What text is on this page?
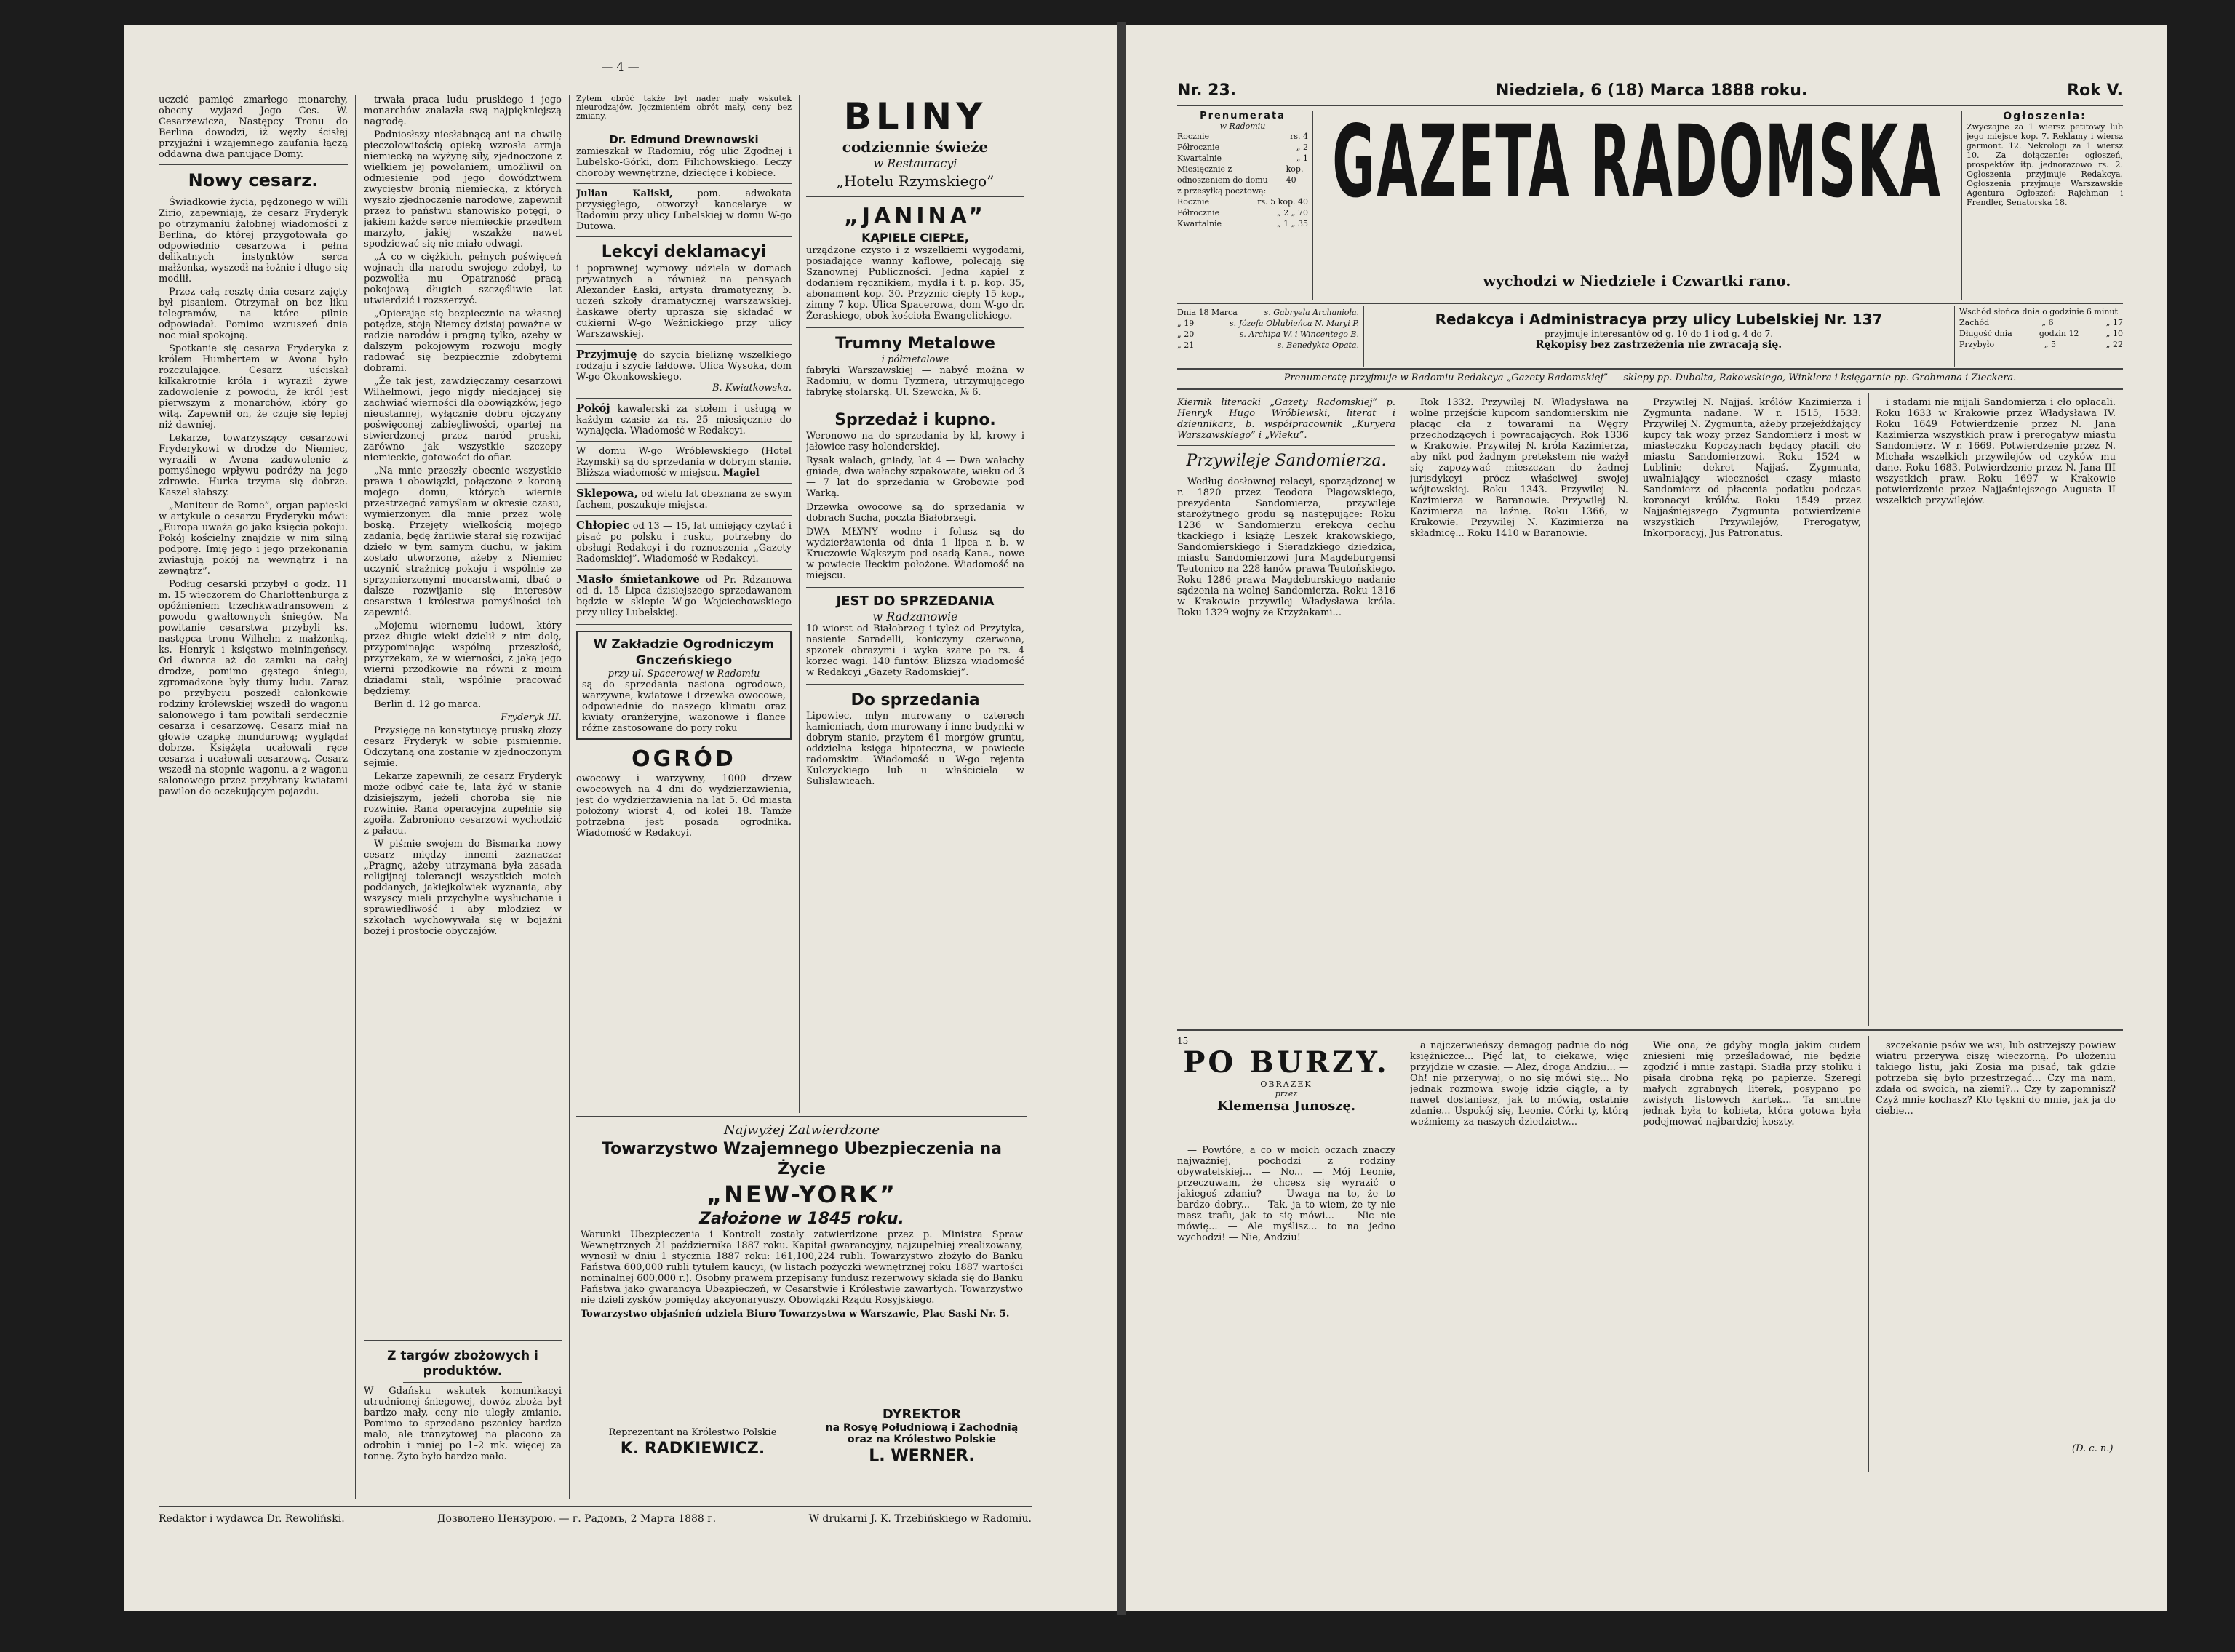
— 4 —

uczcić pamięć zmarłego monarchy, obecny wyjazd Jego Ces. W. Cesarzewicza, Następcy Tronu do Berlina dowodzi, iż węzły ścisłej przyjaźni i wzajemnego zaufania łączą oddawna dwa panujące Domy.

Nowy cesarz.

Świadkowie życia, pędzonego w willi Zirio, zapewniają, że cesarz Fryderyk po otrzymaniu żałobnej wiadomości z Berlina, do której przygotowała go odpowiednio cesarzowa i pełna delikatnych instynktów serca małżonka, wyszedł na łożnie i długo się modlił.

Przez całą resztę dnia cesarz zajęty był pisaniem. Otrzymał on bez liku telegramów, na które pilnie odpowiadał. Pomimo wzruszeń dnia noc miał spokojną.

Spotkanie się cesarza Fryderyka z królem Humbertem w Avona było rozczulające. Cesarz uściskał kilkakrotnie króla i wyraził żywe zadowolenie z powodu, że król jest pierwszym z monarchów, który go witą. Zapewnił on, że czuje się lepiej niż dawniej.

Lekarze, towarzyszący cesarzowi Fryderykowi w drodze do Niemiec, wyrazili w Avena zadowolenie z pomyślnego wpływu podróży na jego zdrowie. Hurka trzyma się dobrze. Kaszel słabszy.

„Moniteur de Rome”, organ papieski w artykule o cesarzu Fryderyku mówi: „Europa uważa go jako księcia pokoju. Pokój kościelny znajdzie w nim silną podporę. Imię jego i jego przekonania zwiastują pokój na wewnątrz i na zewnątrz”.

Podług cesarski przybył o godz. 11 m. 15 wieczorem do Charlottenburga z opóźnieniem trzechkwadransowem z powodu gwałtownych śniegów. Na powitanie cesarstwa przybyli ks. następca tronu Wilhelm z małżonką, ks. Henryk i księstwo meiningeńscy. Od dworca aż do zamku na całej drodze, pomimo gęstego śniegu, zgromadzone były tłumy ludu. Zaraz po przybyciu poszedł całonkowie rodziny królewskiej wszedł do wagonu salonowego i tam powitali serdecznie cesarza i cesarzowę. Cesarz miał na głowie czapkę mundurową; wyglądał dobrze. Księżęta ucałowali ręce cesarza i ucałowali cesarzową. Cesarz wszedł na stopnie wagonu, a z wagonu salonowego przez przybrany kwiatami pawilon do oczekującym pojazdu.

trwała praca ludu pruskiego i jego monarchów znalazła swą najpiękniejszą nagrodę.

Podniosłszy niesłabnącą ani na chwilę pieczołowitością opieką wzrosła armja niemiecką na wyżynę siły, zjednoczone z wielkiem jej powołaniem, umożliwił on odniesienie pod jego dowództwem zwycięstw bronią niemiecką, z których wyszło zjednoczenie narodowe, zapewnił przez to państwu stanowisko potęgi, o jakiem każde serce niemieckie przedtem marzyło, jakiej wszakże nawet spodziewać się nie miało odwagi.

„A co w ciężkich, pełnych poświęceń wojnach dla narodu swojego zdobył, to pozwoliła mu Opatrzność pracą pokojową długich szczęśliwie lat utwierdzić i rozszerzyć.

„Opierając się bezpiecznie na własnej potędze, stoją Niemcy dzisiaj poważne w radzie narodów i pragną tylko, ażeby w dalszym pokojowym rozwoju mogły radować się bezpiecznie zdobytemi dobrami.

„Że tak jest, zawdzięczamy cesarzowi Wilhelmowi, jego nigdy niedającej się zachwiać wierności dla obowiązków, jego nieustannej, wyłącznie dobru ojczyzny poświęconej zabiegliwości, opartej na stwierdzonej przez naród pruski, zarówno jak wszystkie szczepy niemieckie, gotowości do ofiar.

„Na mnie przeszły obecnie wszystkie prawa i obowiązki, połączone z koroną mojego domu, których wiernie przestrzegać zamyślam w okresie czasu, wymierzonym dla mnie przez wolę boską. Przejęty wielkością mojego zadania, będę żarliwie starał się rozwijać dzieło w tym samym duchu, w jakim zostało utworzone, ażeby z Niemiec uczynić strażnicę pokoju i wspólnie ze sprzymierzonymi mocarstwami, dbać o dalsze rozwijanie się interesów cesarstwa i królestwa pomyślności ich zapewnić.

„Mojemu wiernemu ludowi, który przez długie wieki dzielił z nim dolę, przypominając wspólną przeszłość, przyrzekam, że w wierności, z jaką jego wierni przodkowie na równi z moim dziadami stali, wspólnie pracować będziemy.

Berlin d. 12 go marca.

Fryderyk III.

Przysięgę na konstytucyę pruską złoży cesarz Fryderyk w sobie pismiennie. Odczytaną ona zostanie w zjednoczonym sejmie.

Lekarze zapewnili, że cesarz Fryderyk może odbyć całe te, lata żyć w stanie dzisiejszym, jeżeli choroba się nie rozwinie. Rana operacyjna zupełnie się zgoiła. Zabroniono cesarzowi wychodzić z pałacu.

W piśmie swojem do Bismarka nowy cesarz między innemi zaznacza: „Pragnę, ażeby utrzymana była zasada religijnej tolerancji wszystkich moich poddanych, jakiejkolwiek wyznania, aby wszyscy mieli przychylne wysłuchanie i sprawiedliwość i aby młodzież w szkołach wychowywała się w bojaźni bożej i prostocie obyczajów.

Z targów zbożowych i produktów.
W Gdańsku wskutek komunikacyi utrudnionej śniegowej, dowóz zboża był bardzo mały, ceny nie uległy zmianie. Pomimo to sprzedano pszenicy bardzo mało, ale tranzytowej na płacono za odrobin i mniej po 1–2 mk. więcej za tonnę. Żyto było bardzo mało.
Żytem obróć także był nader mały wskutek nieurodzajów. Jęczmieniem obrót mały, ceny bez zmiany.
Dr. Edmund Drewnowski
zamieszkał w Radomiu, róg ulic Zgodnej i Lubelsko-Górki, dom Filichowskiego. Leczy choroby wewnętrzne, dziecięce i kobiece.
Julian Kaliski,	pom. adwokata przysięgłego, otworzył kancelarye w Radomiu przy ulicy Lubelskiej w domu W-go Dutowa.
Lekcyi deklamacyi
i poprawnej wymowy udziela w domach prywatnych a również na pensyach Alexander Łaski, artysta dramatyczny, b. uczeń szkoły dramatycznej warszawskiej. Łaskawe oferty uprasza się składać w cukierni W-go Weżnickiego przy ulicy Warszawskiej.
Przyjmuję do szycia bieliznę wszelkiego rodzaju i szycie fałdowe. Ulica Wysoka, dom W-go Okonkowskiego.
B. Kwiatkowska.
Pokój kawalerski za stołem i usługą w każdym czasie za rs. 25 miesięcznie do wynajęcia. Wiadomość w Redakcyi.
W domu W-go Wróblewskiego (Hotel Rzymski) są do sprzedania w dobrym stanie. Bliższa wiadomość w miejscu. Magiel
Sklepowa, od wielu lat obeznana ze swym fachem, poszukuje miejsca.
Chłopiec od 13 — 15, lat umiejący czytać i pisać po polsku i rusku, potrzebny do obsługi Redakcyi i do roznoszenia „Gazety Radomskiej”. Wiadomość w Redakcyi.
Masło śmietankowe od Pr. Rdzanowa od d. 15 Lipca dzisiejszego sprzedawanem będzie w sklepie W-go Wojciechowskiego przy ulicy Lubelskiej.
W Zakładzie Ogrodniczym Gnczeńskiego
przy ul. Spacerowej w Radomiu
są do sprzedania nasiona ogrodowe, warzywne, kwiatowe i drzewka owocowe, odpowiednie do naszego klimatu oraz kwiaty oranżeryjne, wazonowe i flance różne zastosowane do pory roku
OGRÓD
owocowy i warzywny, 1000 drzew owocowych na 4 dni do wydzierżawienia, jest do wydzierżawienia na lat 5. Od miasta położony wiorst 4, od kolei 18. Tamże potrzebna jest posada ogrodnika. Wiadomość w Redakcyi.
BLINY
codziennie świeże
w Restauracyi
„Hotelu Rzymskiego”
„JANINA”
KĄPIELE CIEPŁE,
urządzone czysto i z wszelkiemi wygodami, posiadające wanny kaflowe, polecają się Szanownej Publiczności. Jedna kąpiel z dodaniem ręcznikiem, mydła i t. p. kop. 35, abonament kop. 30. Przyznic ciepły 15 kop., zimny 7 kop. Ulica Spacerowa, dom W-go dr. Żeraskiego, obok kościoła Ewangelickiego.
Trumny Metalowe
i półmetalowe
fabryki Warszawskiej — nabyć można w Radomiu, w domu Tyzmera, utrzymującego fabrykę stolarską. Ul. Szewcka, № 6.
Sprzedaż i kupno.
Weronowo na do sprzedania by kl, krowy i jałowice rasy holenderskiej.
Rysak walach, gniady, lat 4 — Dwa wałachy gniade, dwa wałachy szpakowate, wieku od 3 — 7 lat do sprzedania w Grobowie pod Warką.
Drzewka owocowe są do sprzedania w dobrach Sucha, poczta Białobrzegi.
DWA MŁYNY wodne i folusz są do wydzierżawienia od dnia 1 lipca r. b. w Kruczowie Wąkszym pod osadą Kana., nowe w powiecie Iłeckim położone. Wiadomość na miejscu.
JEST DO SPRZEDANIA
w Radzanowie
10 wiorst od Białobrzeg i tyleż od Przytyka, nasienie Saradelli, koniczyny czerwona, spzorek obrazymi i wyka szare po rs. 4 korzec wagi. 140 funtów. Bliższa wiadomość w Redakcyi „Gazety Radomskiej”.
Do sprzedania
Lipowiec, młyn murowany o czterech kamieniach, dom murowany i inne budynki w dobrym stanie, przytem 61 morgów gruntu, oddzielna księga hipoteczna, w powiecie radomskim. Wiadomość u W-go rejenta Kulczyckiego lub u właściciela w Sulisławicach.
Najwyżej Zatwierdzone
Towarzystwo Wzajemnego Ubezpieczenia na Życie
„NEW-YORK”
Założone w 1845 roku.
Warunki Ubezpieczenia i Kontroli zostały zatwierdzone przez p. Ministra Spraw Wewnętrznych 21 października 1887 roku. Kapitał gwarancyjny, najzupełniej zrealizowany, wynosił w dniu 1 stycznia 1887 roku: 161,100,224 rubli. Towarzystwo złożyło do Banku Państwa 600,000 rubli tytułem kaucyi, (w listach pożyczki wewnętrznej roku 1887 wartości nominalnej 600,000 r.). Osobny prawem przepisany fundusz rezerwowy składa się do Banku Państwa jako gwarancya Ubezpieczeń, w Cesarstwie i Królestwie zawartych. Towarzystwo nie dzieli zysków pomiędzy akcyonaryuszy. Obowiązki Rządu Rosyjskiego.
Towarzystwo objaśnień udziela Biuro Towarzystwa w Warszawie, Plac Saski Nr. 5.
DYREKTOR
na Rosyę Południową i Zachodnią oraz na Królestwo Polskie
L. WERNER.
Reprezentant na Królestwo Polskie
K. RADKIEWICZ.
Redaktor i wydawca Dr. Rewoliński.	Дозволено Цензурою. — г. Радомъ, 2 Марта 1888 г.	W drukarni J. K. Trzebińskiego w Radomiu.
Nr. 23.	Niedziela, 6 (18) Marca 1888 roku.	Rok V.
Prenumerata
w Radomiu
Rocznie	rs. 4
Półrocznie	„ 2
Kwartalnie	„ 1
Miesięcznie z odnoszeniem do domu
kop. 40
z przesyłką pocztową:
Rocznie	rs. 5 kop. 40
Półrocznie	„ 2 „ 70
Kwartalnie	„ 1 „ 35
GAZETA RADOMSKA
wychodzi w Niedziele i Czwartki rano.
Ogłoszenia:
Zwyczajne za 1 wiersz petitowy lub jego miejsce kop. 7. Reklamy i wiersz garmont. 12. Nekrologi za 1 wiersz 10. Za dołączenie: ogłoszeń, prospektów itp. jednorazowo rs. 2. Ogłoszenia przyjmuje Redakcya. Ogłoszenia przyjmuje Warszawskie Agentura Ogłoszeń: Rajchman i Frendler, Senatorska 18.
Dnia 18 Marca	s. Gabryela Archanioła.
„ 19	s. Józefa Oblubieńca N. Maryi P.
„ 20	s. Archipa W. i Wincentego B.
„ 21	s. Benedykta Opata.
Redakcya i Administracya przy ulicy Lubelskiej Nr. 137
przyjmuje interesantów od g. 10 do 1 i od g. 4 do 7.
Rękopisy bez zastrzeżenia nie zwracają się.
Wschód słońca dnia o godzinie 6 minut
Zachód	„ 6	„ 17
Długość dnia	godzin 12	„ 10
Przybyło	„ 5	„ 22
Prenumeratę przyjmuje w Radomiu Redakcya „Gazety Radomskiej” — sklepy pp. Dubolta, Rakowskiego, Winklera i księgarnie pp. Grohmana i Zieckera.

Kiernik literacki „Gazety Radomskiej” p. Henryk Hugo Wróblewski, literat i dziennikarz, b. współpracownik „Kuryera Warszawskiego” i „Wieku”.

Przywileje Sandomierza.

Według dosłownej relacyi, sporządzonej w r. 1820 przez Teodora Plagowskiego, prezydenta Sandomierza, przywileje starożytnego grodu są następujące: Roku 1236 w Sandomierzu erekcya cechu tkackiego i książę Leszek krakowskiego, Sandomierskiego i Sieradzkiego dziedzica, miastu Sandomierzowi Jura Magdeburgensi Teutonico na 228 łanów prawa Teutońskiego. Roku 1286 prawa Magdeburskiego nadanie sądzenia na wolnej Sandomierza. Roku 1316 w Krakowie przywilej Władysława króla. Roku 1329 wojny ze Krzyżakami...

Rok 1332. Przywilej N. Władysława na wolne przejście kupcom sandomierskim nie płacąc cła z towarami na Węgry przechodzących i powracających. Rok 1336 w Krakowie. Przywilej N. króla Kazimierza, aby nikt pod żadnym pretekstem nie ważył się zapozywać mieszczan do żadnej jurisdykcyi prócz właściwej swojej wójtowskiej. Roku 1343. Przywilej N. Kazimierza w Baranowie. Przywilej N. Kazimierza na łaźnię. Roku 1366, w Krakowie. Przywilej N. Kazimierza na składnicę... Roku 1410 w Baranowie.

Przywilej N. Najjaś. królów Kazimierza i Zygmunta nadane. W r. 1515, 1533. Przywilej N. Zygmunta, ażeby przejeżdżający kupcy tak wozy przez Sandomierz i most w miasteczku Kopczynach będący płacili cło miastu Sandomierzowi. Roku 1524 w Lublinie dekret Najjaś. Zygmunta, uwalniający wieczności czasy miasto Sandomierz od płacenia podatku podczas koronacyi królów. Roku 1549 przez Najjaśniejszego Zygmunta potwierdzenie wszystkich Przywilejów, Prerogatyw, Inkorporacyj, Jus Patronatus.

i stadami nie mijali Sandomierza i cło opłacali. Roku 1633 w Krakowie przez Władysława IV. Roku 1649 Potwierdzenie przez N. Jana Kazimierza wszystkich praw i prerogatyw miastu Sandomierz. W r. 1669. Potwierdzenie przez N. Michała wszelkich przywilejów od czyków mu dane. Roku 1683. Potwierdzenie przez N. Jana III wszystkich praw. Roku 1697 w Krakowie potwierdzenie przez Najjaśniejszego Augusta II wszelkich przywilejów.

15
PO BURZY.
OBRAZEK
przez
Klemensa Junoszę.

— Powtóre, a co w moich oczach znaczy najważniej, pochodzi z rodziny obywatelskiej... — No... — Mój Leonie, przeczuwam, że chcesz się wyrazić o jakiegoś zdaniu? — Uwaga na to, że to bardzo dobry... — Tak, ja to wiem, że ty nie masz trafu, jak to się mówi... — Nic nie mówię... — Ale myślisz... to na jedno wychodzi! — Nie, Andziu!

a najczerwieńszy demagog padnie do nóg księżniczce... Pięć lat, to ciekawe, więc przyjdzie w czasie. — Alez, droga Andziu... — Oh! nie przerywaj, o no się mówi się... No jednak rozmowa swoję idzie ciągle, a ty nawet dostaniesz, jak to mówią, ostatnie zdanie... Uspokój się, Leonie. Córki ty, którą weźmiemy za naszych dziedzictw...

Wie ona, że gdyby mogła jakim cudem zniesieni mię prześladować, nie będzie zgodzić i mnie zastąpi. Siadła przy stoliku i pisała drobna ręką po papierze. Szeregi małych zgrabnych literek, posypano po zwisłych listowych kartek... Ta smutne jednak była to kobieta, która gotowa była podejmować najbardziej koszty.

szczekanie psów we wsi, lub ostrzejszy powiew wiatru przerywa ciszę wieczorną. Po ułożeniu takiego listu, jaki Zosia ma pisać, tak gdzie potrzeba się było przestrzegać... Czy ma nam, zdała od swoich, na ziemi?... Czy ty zapomnisz? Czyż mnie kochasz? Kto tęskni do mnie, jak ja do ciebie...

(D. c. n.)
